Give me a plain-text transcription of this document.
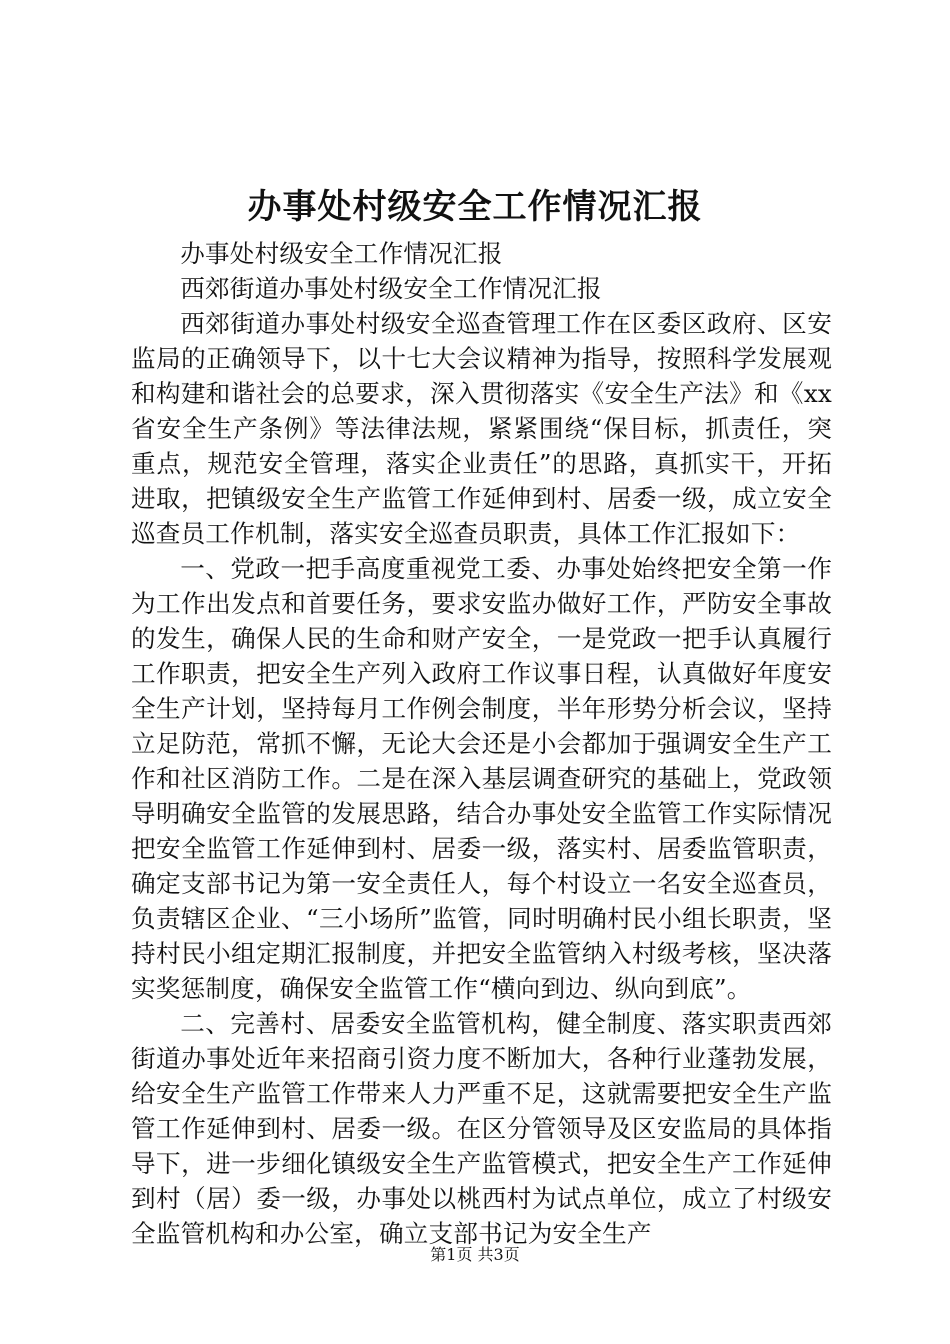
办事处村级安全工作情况汇报

办事处村级安全工作情况汇报

西郊街道办事处村级安全工作情况汇报

西郊街道办事处村级安全巡查管理工作在区委区政府、区安监局的正确领导下，以十七大会议精神为指导，按照科学发展观和构建和谐社会的总要求，深入贯彻落实《安全生产法》和《xx省安全生产条例》等法律法规，紧紧围绕“保目标，抓责任，突重点，规范安全管理，落实企业责任”的思路，真抓实干，开拓进取，把镇级安全生产监管工作延伸到村、居委一级，成立安全巡查员工作机制，落实安全巡查员职责，具体工作汇报如下：

一、党政一把手高度重视党工委、办事处始终把安全第一作为工作出发点和首要任务，要求安监办做好工作，严防安全事故的发生，确保人民的生命和财产安全，一是党政一把手认真履行工作职责，把安全生产列入政府工作议事日程，认真做好年度安全生产计划，坚持每月工作例会制度，半年形势分析会议，坚持立足防范，常抓不懈，无论大会还是小会都加于强调安全生产工作和社区消防工作。二是在深入基层调查研究的基础上，党政领导明确安全监管的发展思路，结合办事处安全监管工作实际情况把安全监管工作延伸到村、居委一级，落实村、居委监管职责，确定支部书记为第一安全责任人，每个村设立一名安全巡查员，负责辖区企业、“三小场所”监管，同时明确村民小组长职责，坚持村民小组定期汇报制度，并把安全监管纳入村级考核，坚决落实奖惩制度，确保安全监管工作“横向到边、纵向到底”。

二、完善村、居委安全监管机构，健全制度、落实职责西郊街道办事处近年来招商引资力度不断加大，各种行业蓬勃发展，给安全生产监管工作带来人力严重不足，这就需要把安全生产监管工作延伸到村、居委一级。在区分管领导及区安监局的具体指导下，进一步细化镇级安全生产监管模式，把安全生产工作延伸到村（居）委一级，办事处以桃西村为试点单位，成立了村级安全监管机构和办公室，确立支部书记为安全生产

第1页 共3页
